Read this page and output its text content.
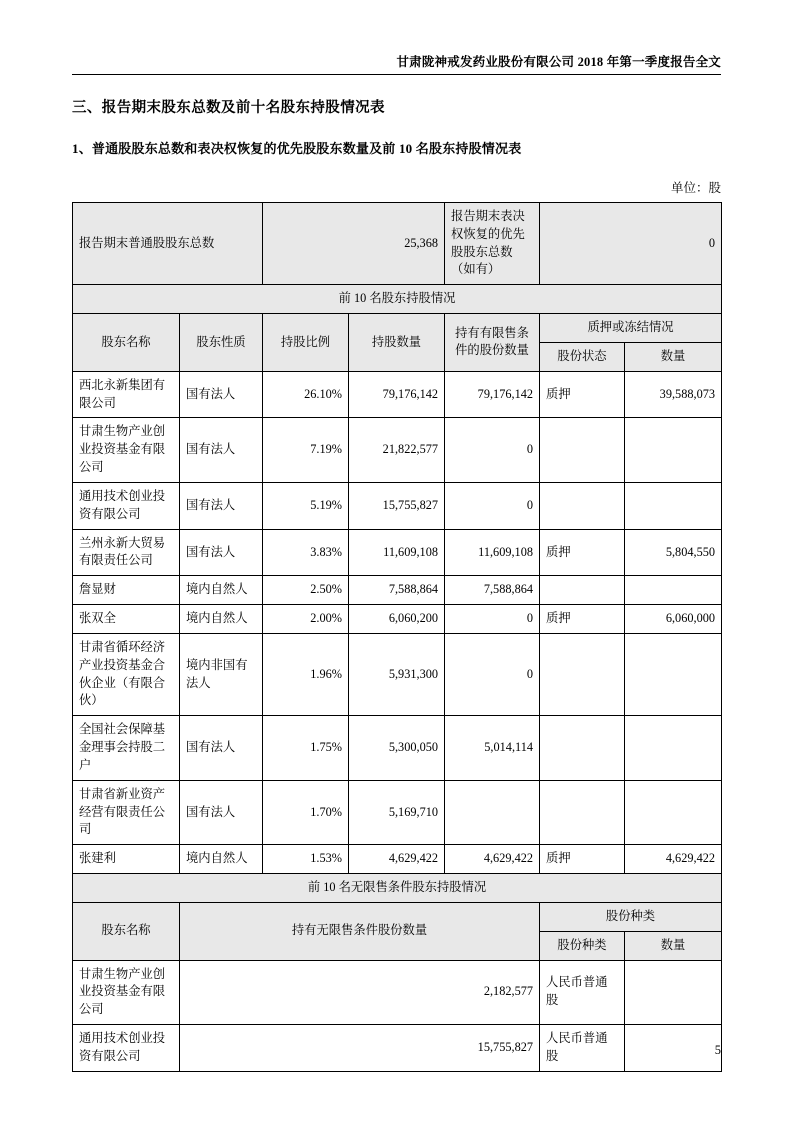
甘肃陇神戒发药业股份有限公司 2018 年第一季度报告全文
三、报告期末股东总数及前十名股东持股情况表
1、普通股股东总数和表决权恢复的优先股股东数量及前 10 名股东持股情况表
单位：股
报告期末普通股股东总数		25,368		报告期末表决权恢复的优先股股东总数（如有）	0	
前 10 名股东持股情况						
股东名称	股东性质	持股比例	持股数量	持有有限售条件的股份数量	质押或冻结情况	
					股份状态	数量
西北永新集团有限公司	国有法人	26.10%	79,176,142	79,176,142	质押	39,588,073
甘肃生物产业创业投资基金有限公司	国有法人	7.19%	21,822,577	0		
通用技术创业投资有限公司	国有法人	5.19%	15,755,827	0		
兰州永新大贸易有限责任公司	国有法人	3.83%	11,609,108	11,609,108	质押	5,804,550
詹显财	境内自然人	2.50%	7,588,864	7,588,864		
张双全	境内自然人	2.00%	6,060,200	0	质押	6,060,000
甘肃省循环经济产业投资基金合伙企业（有限合伙）	境内非国有法人	1.96%	5,931,300	0		
全国社会保障基金理事会持股二户	国有法人	1.75%	5,300,050	5,014,114		
甘肃省新业资产经营有限责任公司	国有法人	1.70%	5,169,710			
张建利	境内自然人	1.53%	4,629,422	4,629,422	质押	4,629,422
前 10 名无限售条件股东持股情况						
股东名称	持有无限售条件股份数量				股份种类	
					股份种类	数量
甘肃生物产业创业投资基金有限公司	2,182,577				人民币普通股	
通用技术创业投资有限公司	15,755,827				人民币普通股		5
